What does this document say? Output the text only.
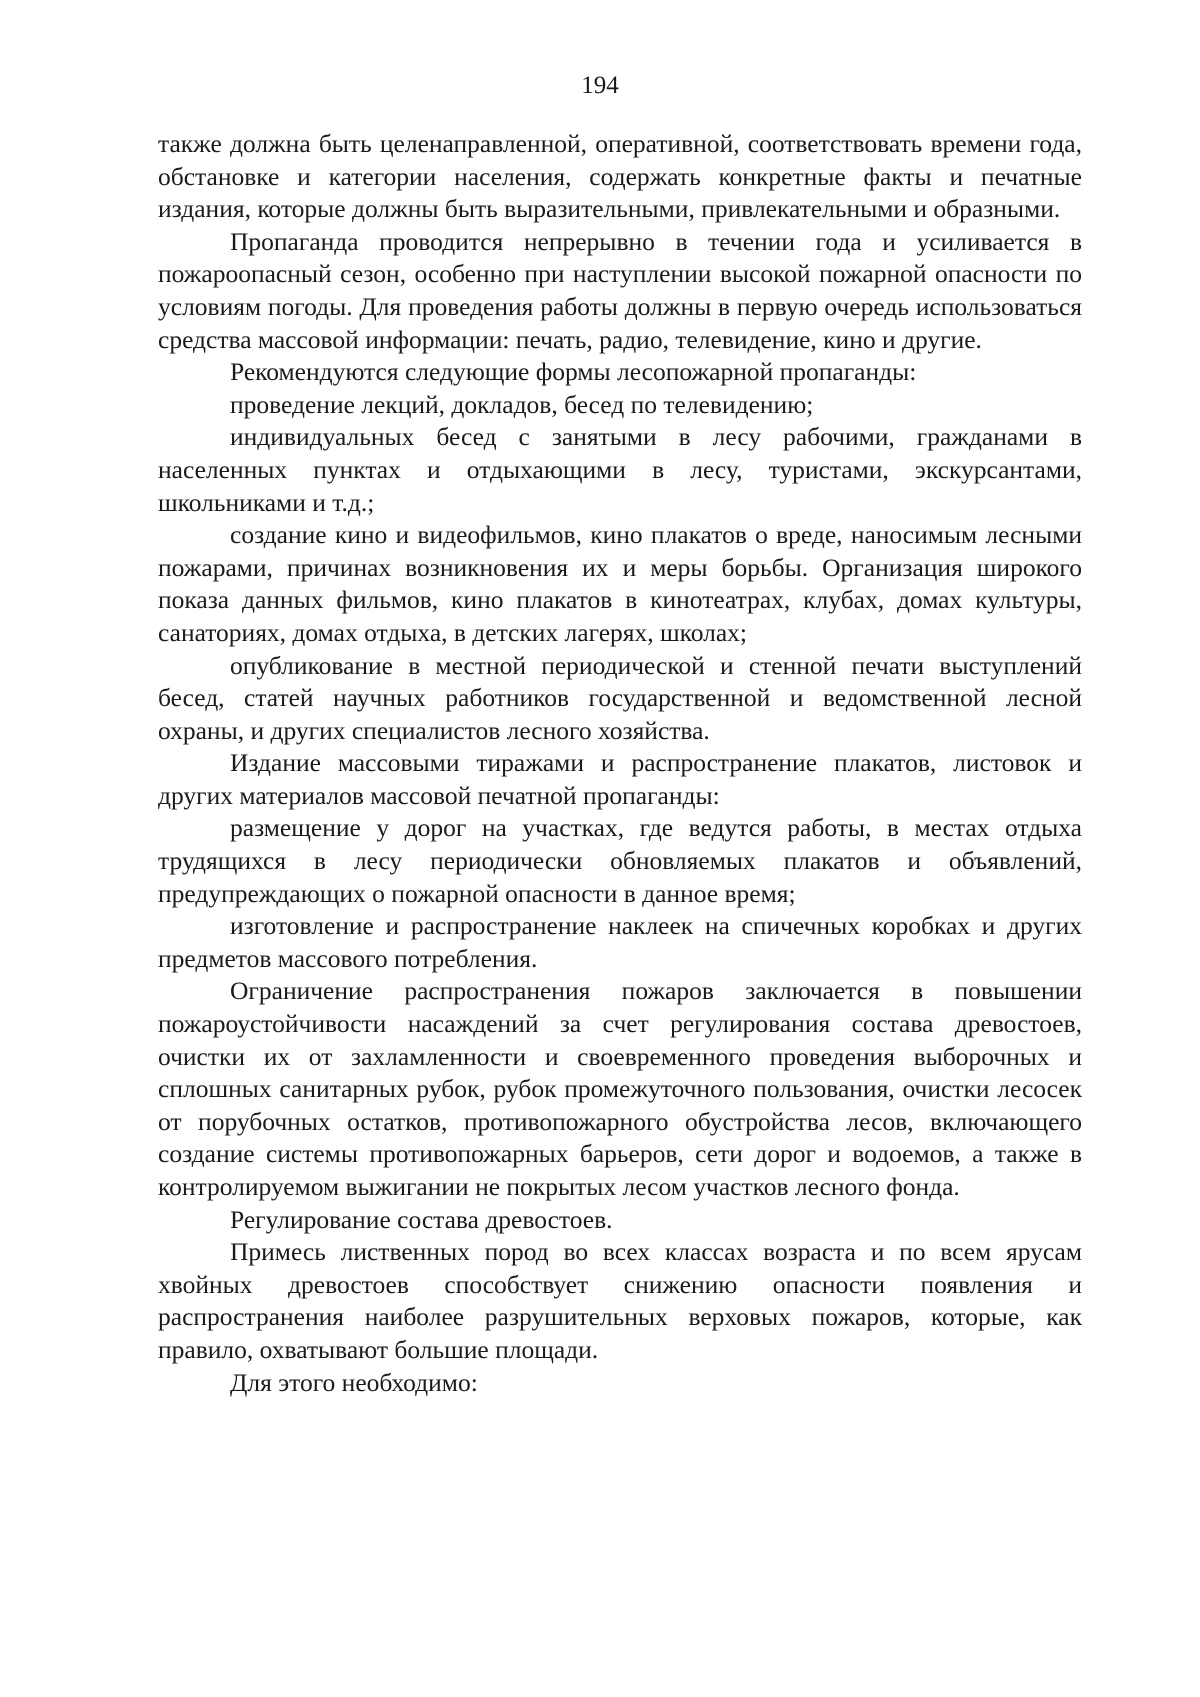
194

также должна быть целенаправленной, оперативной, соответствовать времени года, обстановке и категории населения, содержать конкретные факты и печатные издания, которые должны быть выразительными, привлекательными и образными.

Пропаганда проводится непрерывно в течении года и усиливается в пожароопасный сезон, особенно при наступлении высокой пожарной опасности по условиям погоды. Для проведения работы должны в первую очередь использоваться средства массовой информации: печать, радио, телевидение, кино и другие.

Рекомендуются следующие формы лесопожарной пропаганды:

проведение лекций, докладов, бесед по телевидению;

индивидуальных бесед с занятыми в лесу рабочими, гражданами в населенных пунктах и отдыхающими в лесу, туристами, экскурсантами, школьниками и т.д.;

создание кино и видеофильмов, кино плакатов о вреде, наносимым лесными пожарами, причинах возникновения их и меры борьбы. Организация широкого показа данных фильмов, кино плакатов в кинотеатрах, клубах, домах культуры, санаториях, домах отдыха, в детских лагерях, школах;

опубликование в местной периодической и стенной печати выступлений бесед, статей научных работников государственной и ведомственной лесной охраны, и других специалистов лесного хозяйства.

Издание массовыми тиражами и распространение плакатов, листовок и других материалов массовой печатной пропаганды:

размещение у дорог на участках, где ведутся работы, в местах отдыха трудящихся в лесу периодически обновляемых плакатов и объявлений, предупреждающих о пожарной опасности в данное время;

изготовление и распространение наклеек на спичечных коробках и других предметов массового потребления.

Ограничение распространения пожаров заключается в повышении пожароустойчивости насаждений за счет регулирования состава древостоев, очистки их от захламленности и своевременного проведения выборочных и сплошных санитарных рубок, рубок промежуточного пользования, очистки лесосек от порубочных остатков, противопожарного обустройства лесов, включающего создание системы противопожарных барьеров, сети дорог и водоемов, а также в контролируемом выжигании не покрытых лесом участков лесного фонда.

Регулирование состава древостоев.

Примесь лиственных пород во всех классах возраста и по всем ярусам хвойных древостоев способствует снижению опасности появления и распространения наиболее разрушительных верховых пожаров, которые, как правило, охватывают большие площади.

Для этого необходимо:
